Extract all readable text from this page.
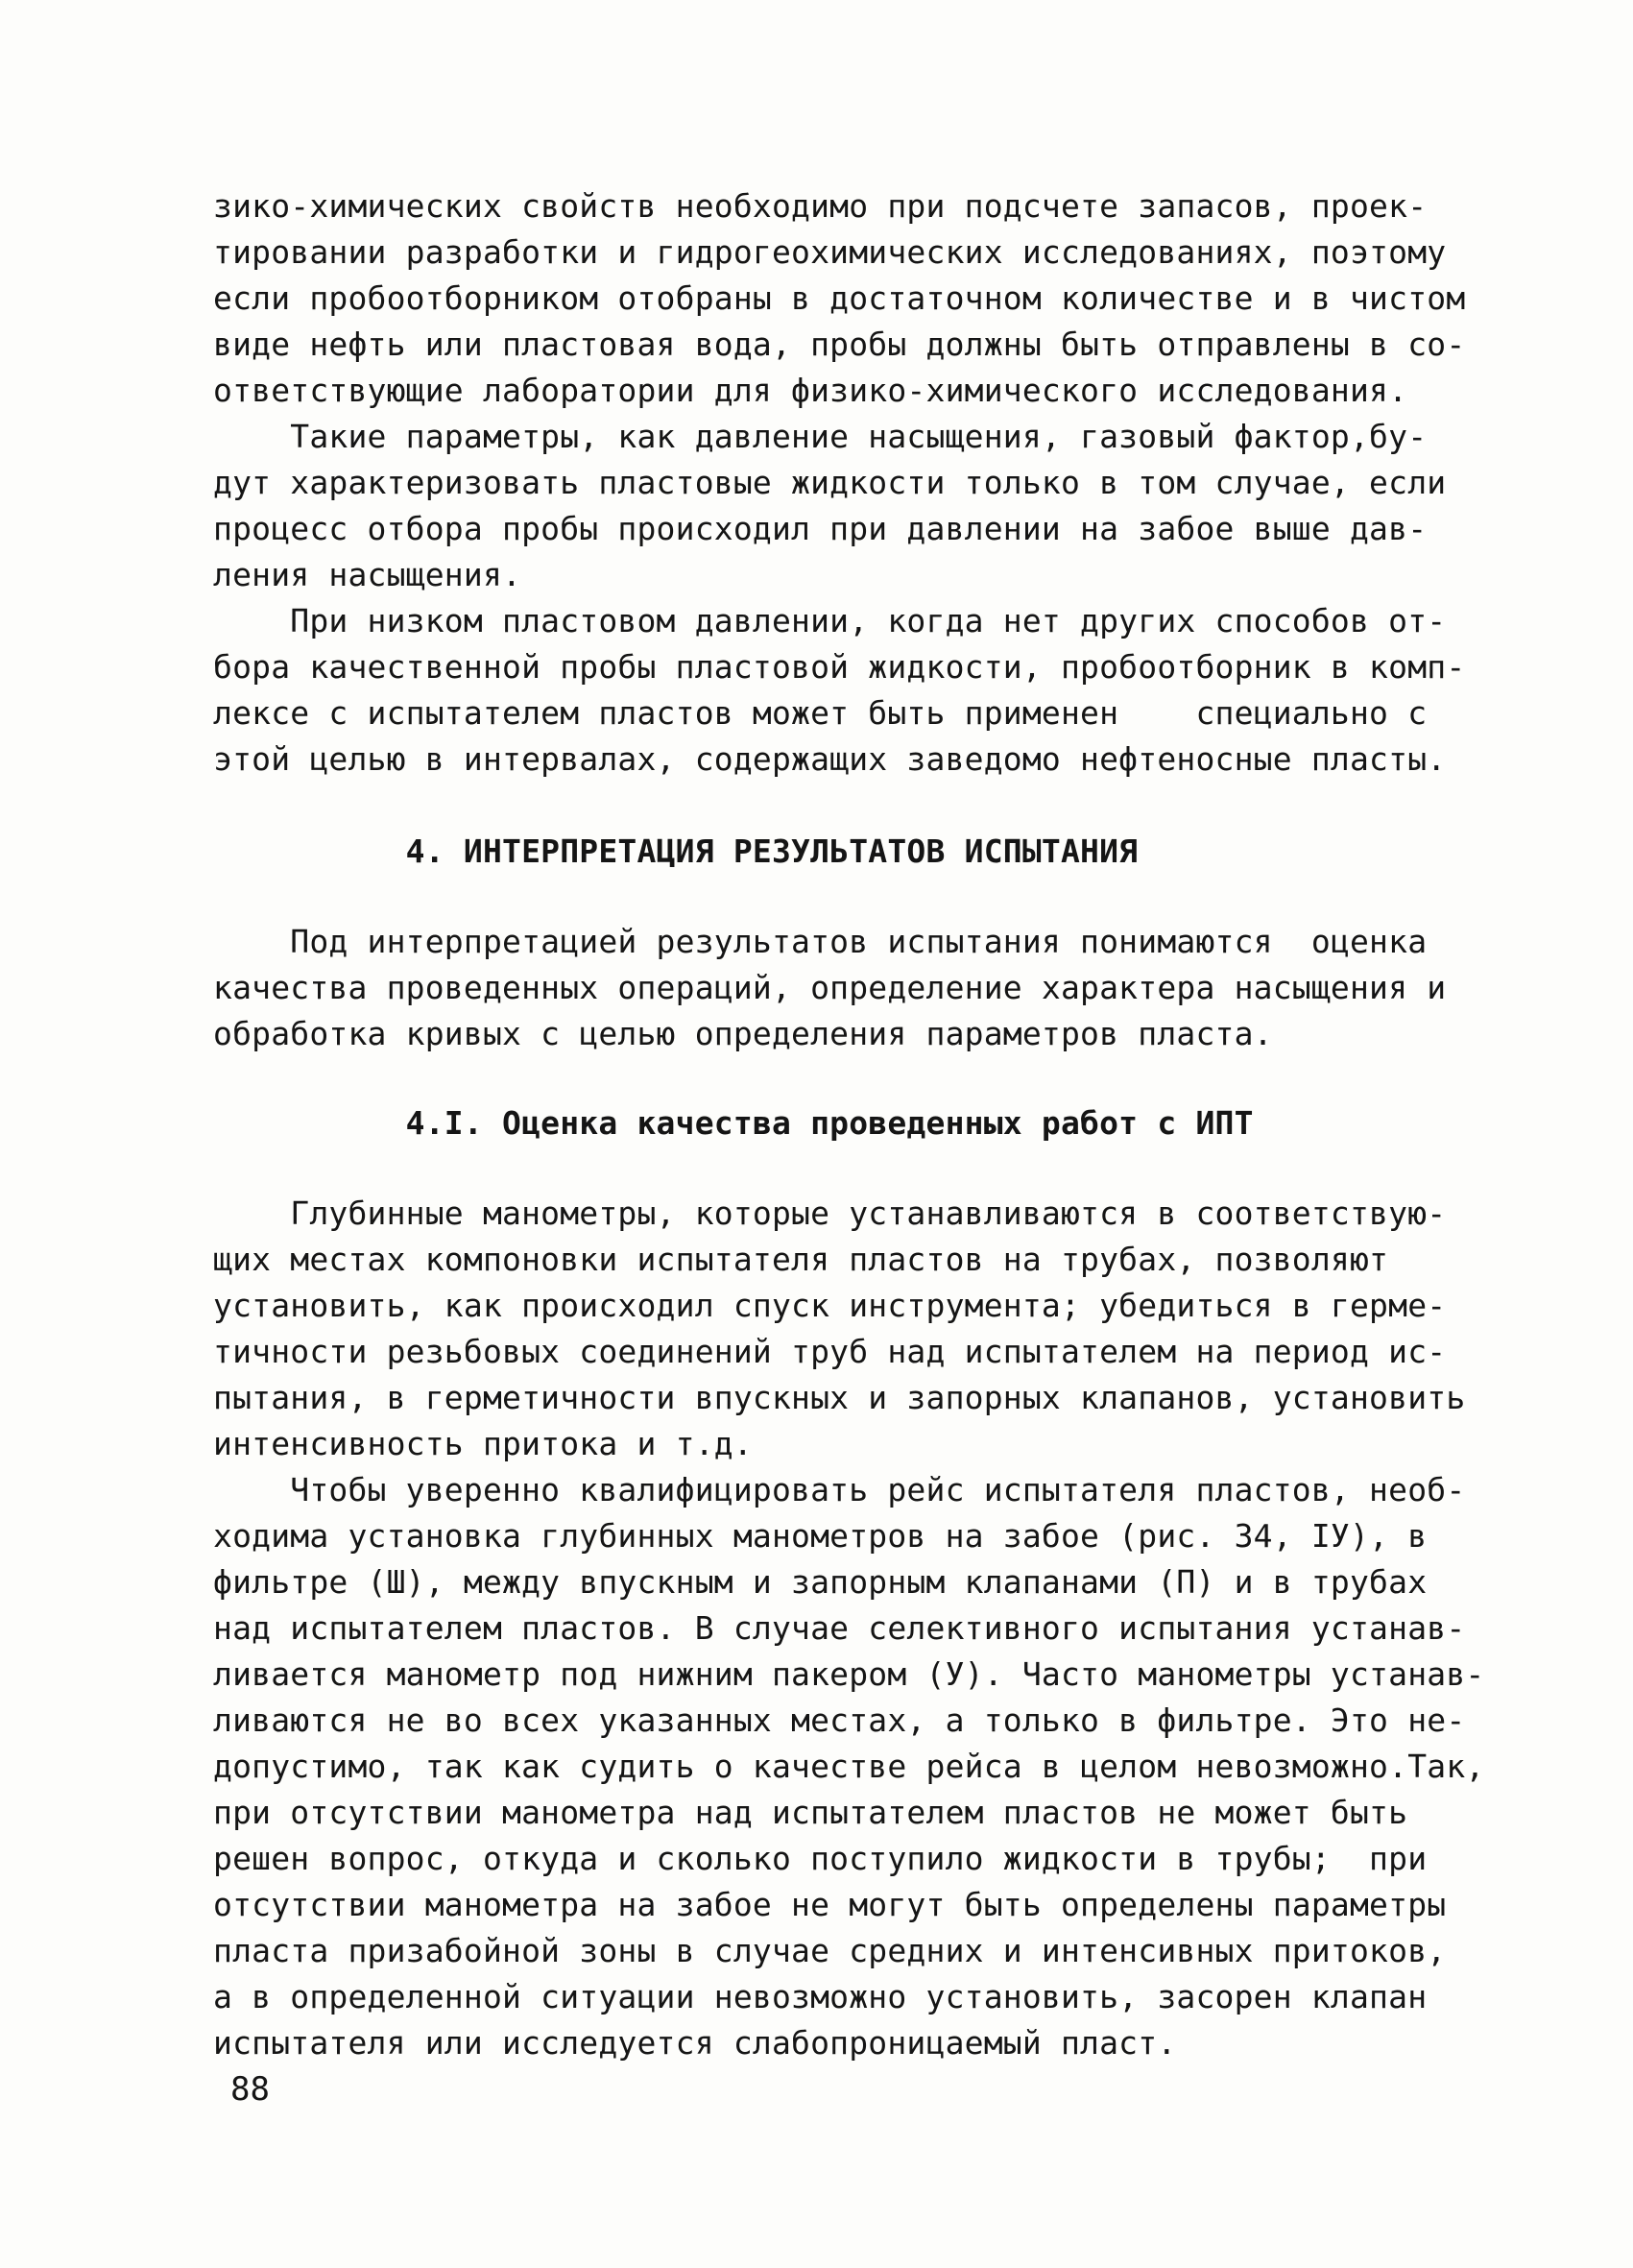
зико-химических свойств необходимо при подсчете запасов, проек-
тировании разработки и гидрогеохимических исследованиях, поэтому
если пробоотборником отобраны в достаточном количестве и в чистом
виде нефть или пластовая вода, пробы должны быть отправлены в со-
ответствующие лаборатории для физико-химического исследования.
Такие параметры, как давление насыщения, газовый фактор,бу-
дут характеризовать пластовые жидкости только в том случае, если
процесс отбора пробы происходил при давлении на забое выше дав-
ления насыщения.
При низком пластовом давлении, когда нет других способов от-
бора качественной пробы пластовой жидкости, пробоотборник в комп-
лексе с испытателем пластов может быть применен    специально с
этой целью в интервалах, содержащих заведомо нефтеносные пласты.
4. ИНТЕРПРЕТАЦИЯ РЕЗУЛЬТАТОВ ИСПЫТАНИЯ
Под интерпретацией результатов испытания понимаются  оценка
качества проведенных операций, определение характера насыщения и
обработка кривых с целью определения параметров пласта.
4.I. Оценка качества проведенных работ с ИПТ
Глубинные манометры, которые устанавливаются в соответствую-
щих местах компоновки испытателя пластов на трубах, позволяют
установить, как происходил спуск инструмента; убедиться в герме-
тичности резьбовых соединений труб над испытателем на период ис-
пытания, в герметичности впускных и запорных клапанов, установить
интенсивность притока и т.д.
Чтобы уверенно квалифицировать рейс испытателя пластов, необ-
ходима установка глубинных манометров на забое (рис. 34, IУ), в
фильтре (Ш), между впускным и запорным клапанами (П) и в трубах
над испытателем пластов. В случае селективного испытания устанав-
ливается манометр под нижним пакером (У). Часто манометры устанав-
ливаются не во всех указанных местах, а только в фильтре. Это не-
допустимо, так как судить о качестве рейса в целом невозможно.Так,
при отсутствии манометра над испытателем пластов не может быть
решен вопрос, откуда и сколько поступило жидкости в трубы;  при
отсутствии манометра на забое не могут быть определены параметры
пласта призабойной зоны в случае средних и интенсивных притоков,
а в определенной ситуации невозможно установить, засорен клапан
испытателя или исследуется слабопроницаемый пласт.
88
